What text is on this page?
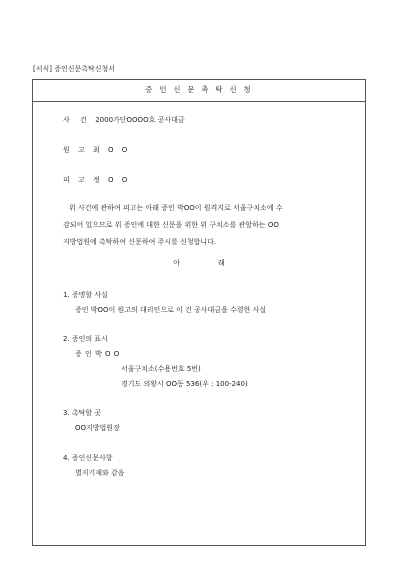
[서식] 증인신문촉탁신청서
증 인 신 문 촉 탁 신 청
사 건 2000가단OOOO호 공사대금
원 고 최 O O
피 고 정 O O
위 사건에 관하여 피고는 아래 증인 박OO이 원격지로 서울구치소에 수
감되어 있으므로 위 증인에 대한 신문을 위한 위 구치소를 관할하는 OO
지방법원에 촉탁하여 신문하여 주시를 신청합니다.
아	래
1. 증명할 사실
증인 박OO이 원고의 대리인으로 이 건 공사대금을 수령한 사실
2. 증인의 표시
증 인 박 O O
서울구치소(수용번호 5번)
경기도 의왕시 OO동 536(우 : 100-240)
3. 촉탁할 곳
OO지방법원장
4. 증인신문사항
별지기재와 같음
